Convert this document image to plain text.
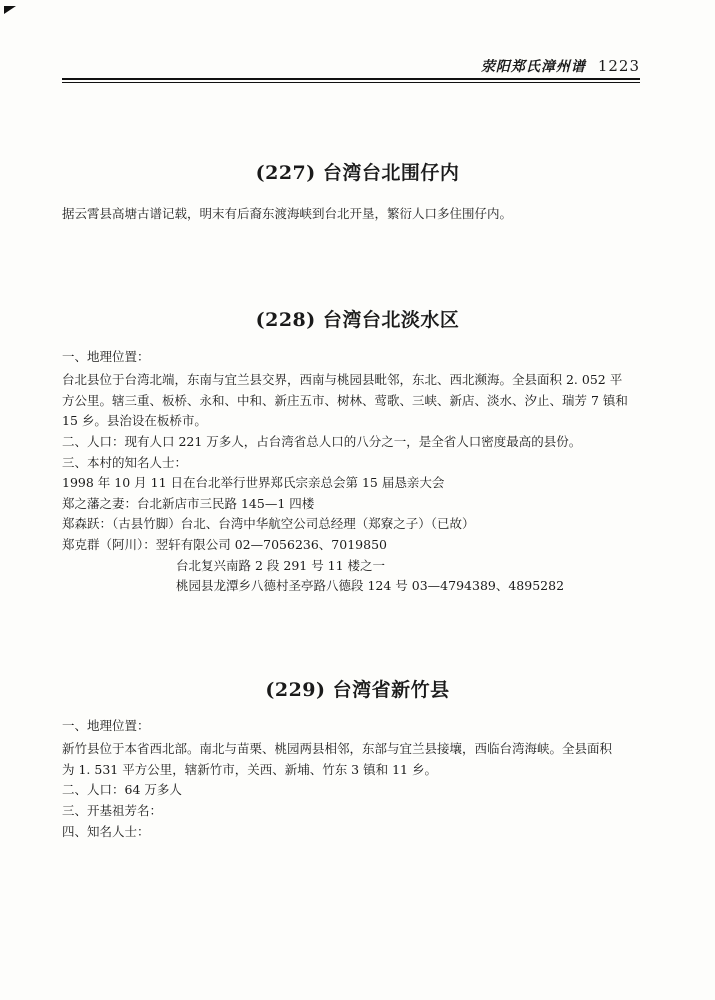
荥阳郑氏漳州谱 1223
(227) 台湾台北围仔内
据云霄县高塘古谱记载，明末有后裔东渡海峡到台北开垦，繁衍人口多住围仔内。
(228) 台湾台北淡水区
一、地理位置：
台北县位于台湾北端，东南与宜兰县交界，西南与桃园县毗邻，东北、西北濒海。全县面积 2. 052 平
方公里。辖三重、板桥、永和、中和、新庄五市、树林、莺歌、三峡、新店、淡水、汐止、瑞芳 7 镇和
15 乡。县治设在板桥市。
二、人口：现有人口 221 万多人，占台湾省总人口的八分之一，是全省人口密度最高的县份。
三、本村的知名人士：
1998 年 10 月 11 日在台北举行世界郑氏宗亲总会第 15 届恳亲大会
郑之藩之妻：台北新店市三民路 145—1 四楼
郑森跃：（古县竹脚）台北、台湾中华航空公司总经理（郑寮之子）（已故）
郑克群（阿川）：翌轩有限公司 02—7056236、7019850
台北复兴南路 2 段 291 号 11 楼之一
桃园县龙潭乡八德村圣亭路八德段 124 号 03—4794389、4895282
(229) 台湾省新竹县
一、地理位置：
新竹县位于本省西北部。南北与苗栗、桃园两县相邻，东部与宜兰县接壤，西临台湾海峡。全县面积
为 1. 531 平方公里，辖新竹市，关西、新埔、竹东 3 镇和 11 乡。
二、人口：64 万多人
三、开基祖芳名：
四、知名人士：
